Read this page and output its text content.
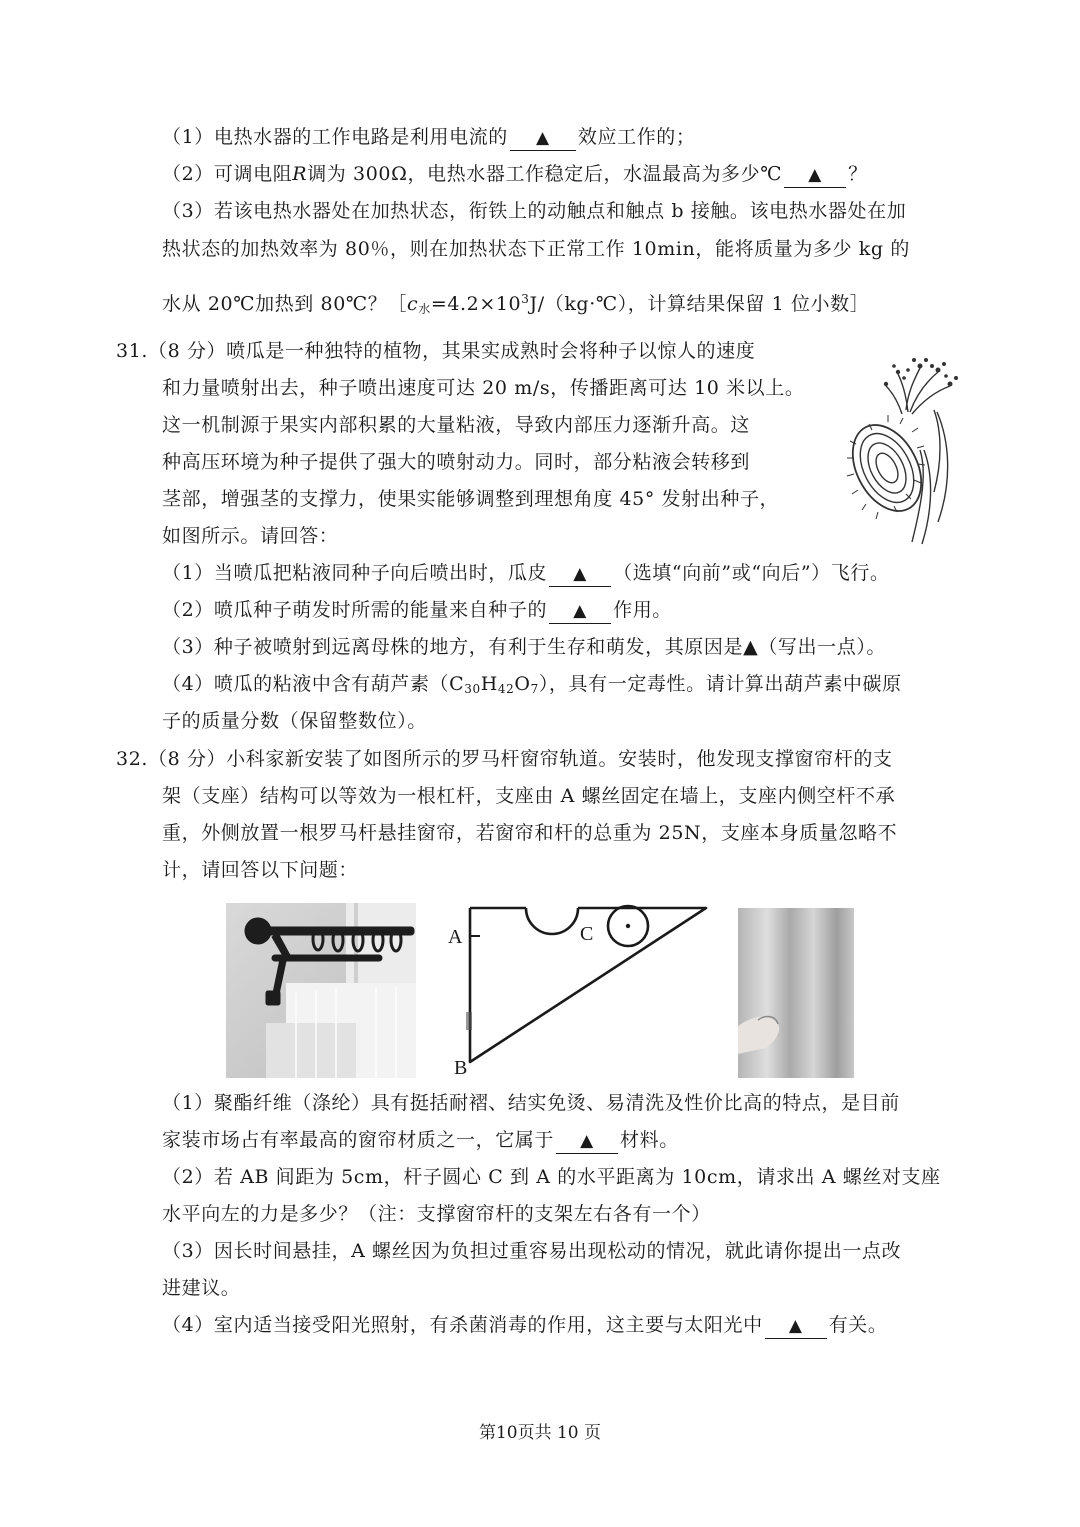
（1）电热水器的工作电路是利用电流的 ▲ 效应工作的；
（2）可调电阻R调为 300Ω，电热水器工作稳定后，水温最高为多少℃ ▲ ？
（3）若该电热水器处在加热状态，衔铁上的动触点和触点 b 接触。该电热水器处在加
热状态的加热效率为 80％，则在加热状态下正常工作 10min，能将质量为多少 kg 的
水从 20℃加热到 80℃？$[c_水=4.2\times 10^3J/(kg\cdot℃)$，计算结果保留 1 位小数］
31.（8 分）喷瓜是一种独特的植物，其果实成熟时会将种子以惊人的速度
和力量喷射出去，种子喷出速度可达 20 m/s，传播距离可达 10 米以上。
这一机制源于果实内部积累的大量粘液，导致内部压力逐渐升高。这
种高压环境为种子提供了强大的喷射动力。同时，部分粘液会转移到
茎部，增强茎的支撑力，使果实能够调整到理想角度 45° 发射出种子，
如图所示。请回答：
（1）当喷瓜把粘液同种子向后喷出时，瓜皮 ▲ （选填“向前”或“向后”）飞行。
（2）喷瓜种子萌发时所需的能量来自种子的 ▲ 作用。
（3）种子被喷射到远离母株的地方，有利于生存和萌发，其原因是▲（写出一点）。
（4）喷瓜的粘液中含有葫芦素$(C_{30}H_{42}O_7)$，具有一定毒性。请计算出葫芦素中碳原
子的质量分数（保留整数位）。
32.（8 分）小科家新安装了如图所示的罗马杆窗帘轨道。安装时，他发现支撑窗帘杆的支
架（支座）结构可以等效为一根杠杆，支座由 A 螺丝固定在墙上，支座内侧空杆不承
重，外侧放置一根罗马杆悬挂窗帘，若窗帘和杆的总重为 25N，支座本身质量忽略不
计，请回答以下问题：
A
B
C
（1）聚酯纤维（涤纶）具有挺括耐褶、结实免烫、易清洗及性价比高的特点，是目前
家装市场占有率最高的窗帘材质之一，它属于 ▲ 材料。
（2）若 AB 间距为 5cm，杆子圆心 C 到 A 的水平距离为 10cm，请求出 A 螺丝对支座
水平向左的力是多少？（注：支撑窗帘杆的支架左右各有一个）
（3）因长时间悬挂，A 螺丝因为负担过重容易出现松动的情况，就此请你提出一点改
进建议。
（4）室内适当接受阳光照射，有杀菌消毒的作用，这主要与太阳光中 ▲ 有关。
第10页共 10 页
